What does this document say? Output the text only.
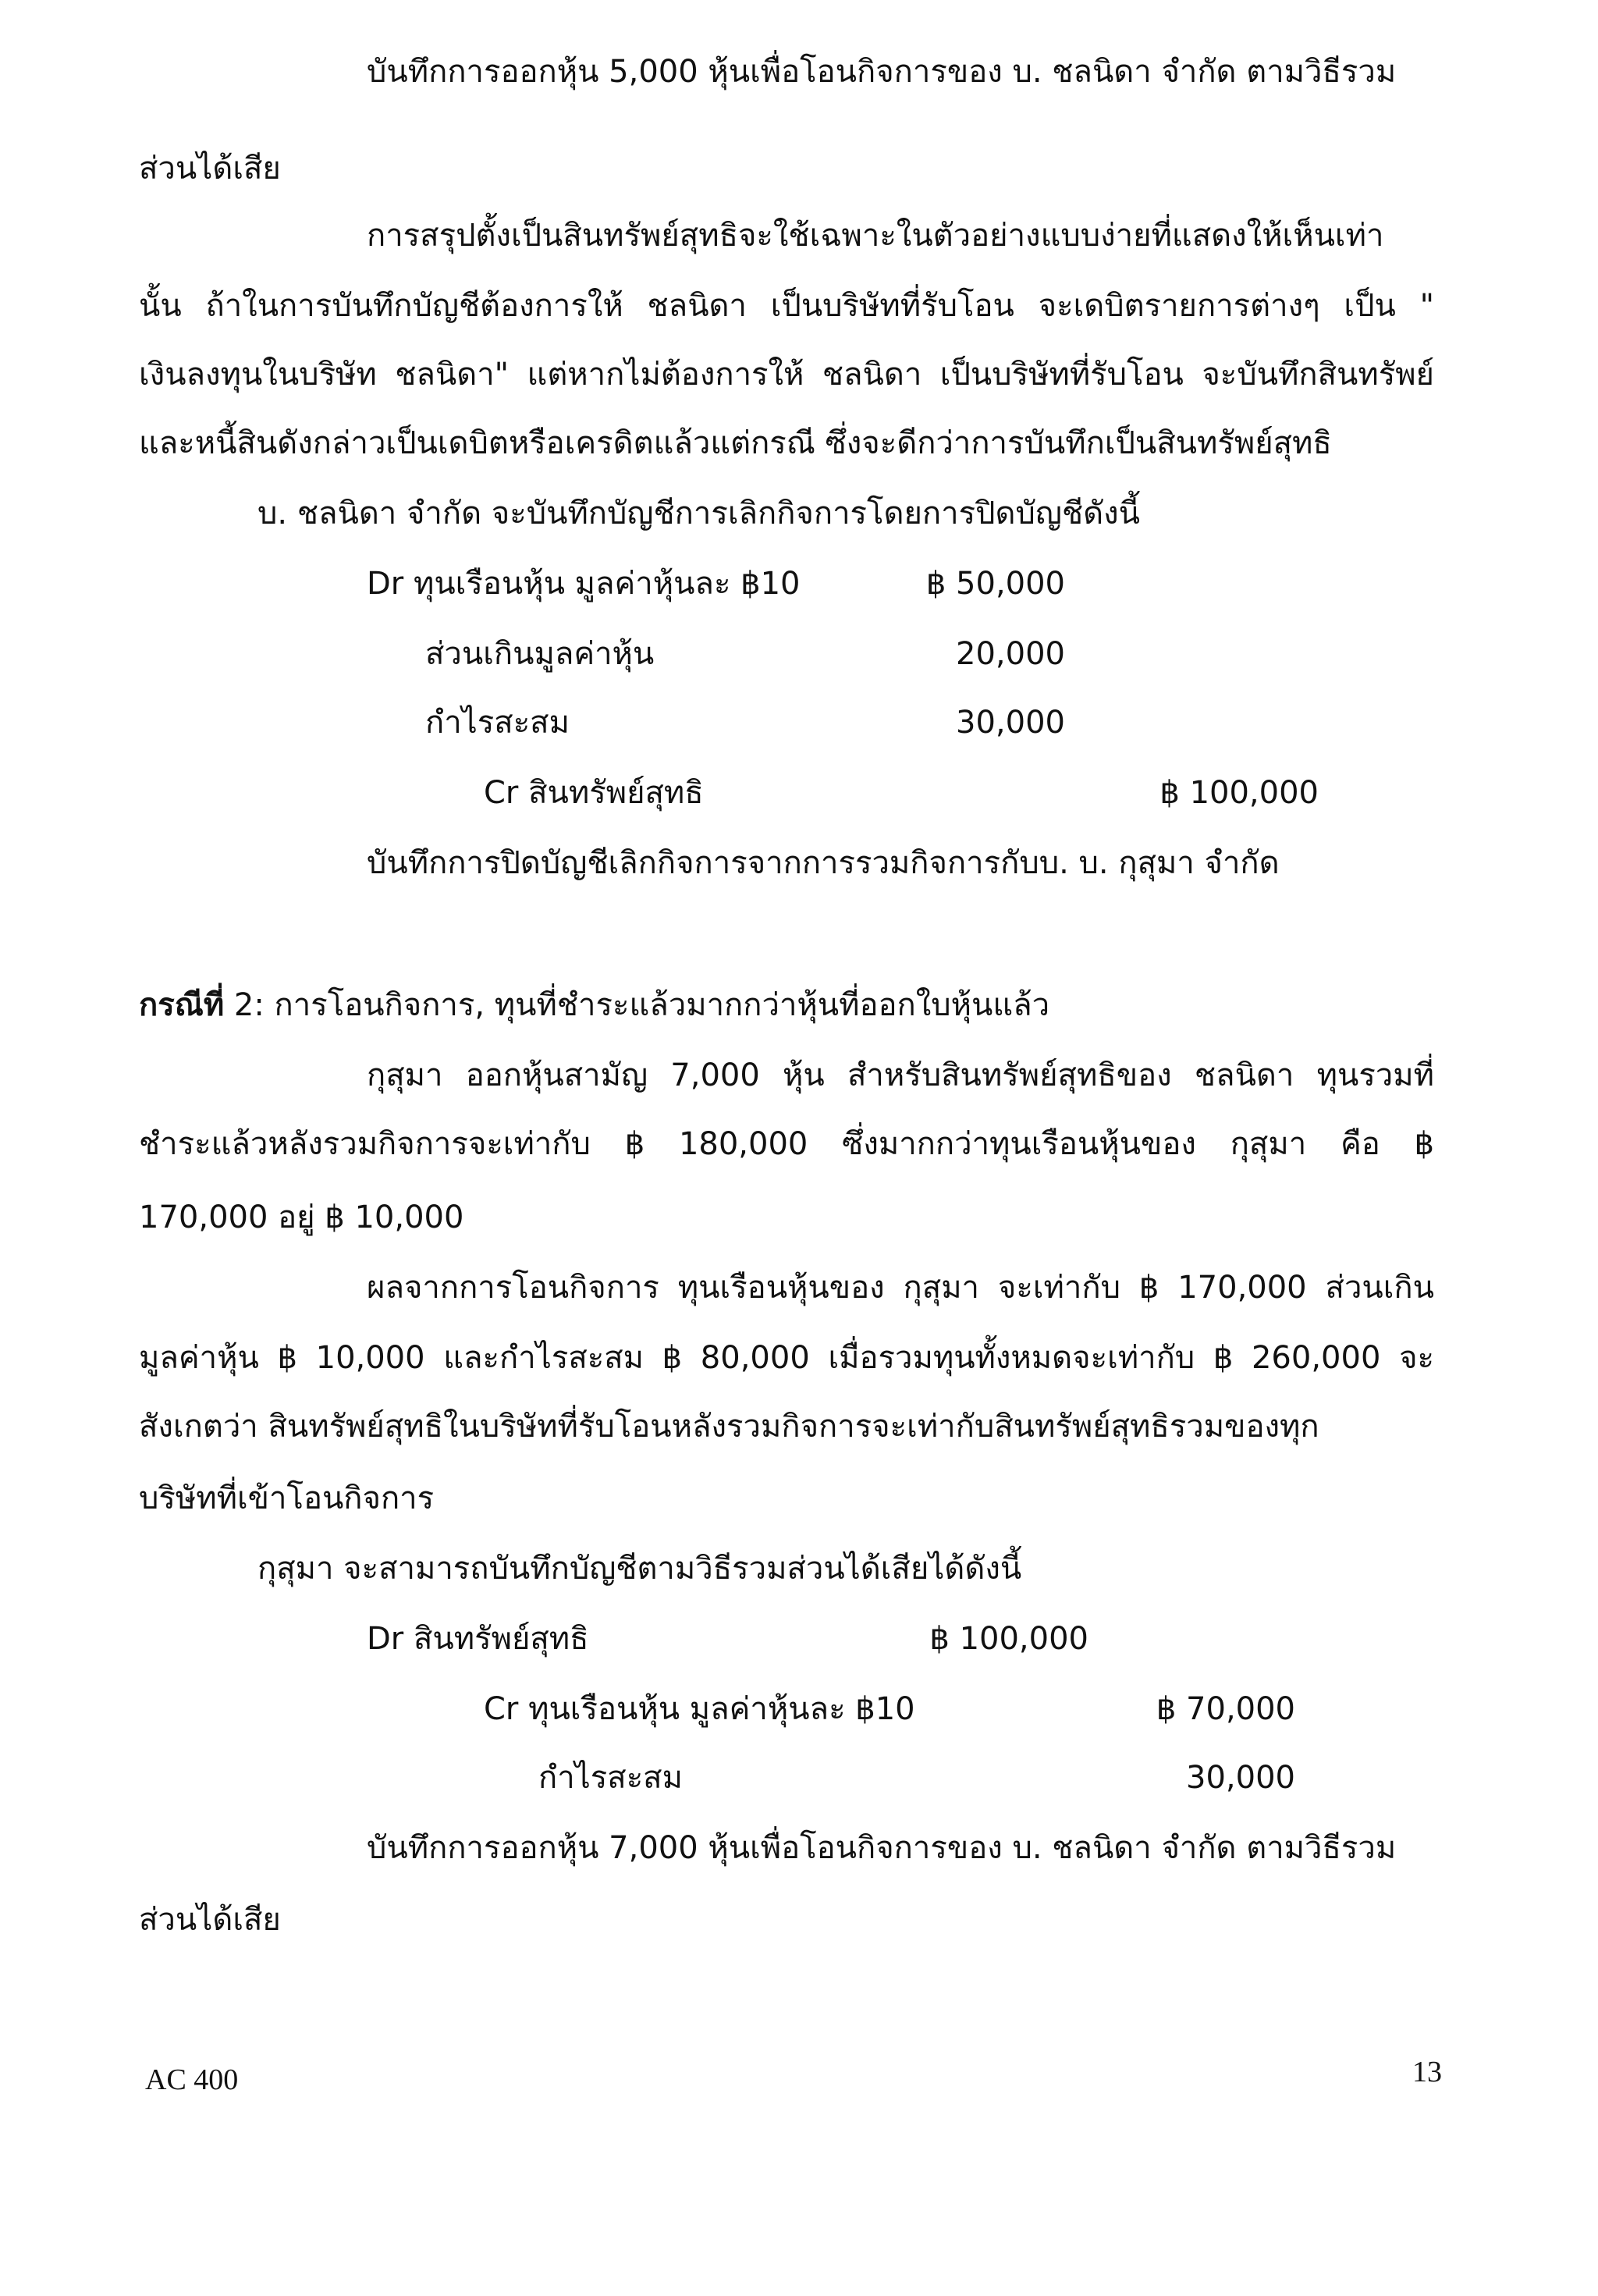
บันทึกการออกหุ้น 5,000 หุ้นเพื่อโอนกิจการของ บ. ชลนิดา จำกัด ตามวิธีรวม
ส่วนได้เสีย
การสรุปตั้งเป็นสินทรัพย์สุทธิจะใช้เฉพาะในตัวอย่างแบบง่ายที่แสดงให้เห็นเท่า
นั้น ถ้าในการบันทึกบัญชีต้องการให้ ชลนิดา เป็นบริษัทที่รับโอน จะเดบิตรายการต่างๆ เป็น "
เงินลงทุนในบริษัท ชลนิดา" แต่หากไม่ต้องการให้ ชลนิดา เป็นบริษัทที่รับโอน จะบันทึกสินทรัพย์
และหนี้สินดังกล่าวเป็นเดบิตหรือเครดิตแล้วแต่กรณี ซึ่งจะดีกว่าการบันทึกเป็นสินทรัพย์สุทธิ
บ. ชลนิดา จำกัด จะบันทึกบัญชีการเลิกกิจการโดยการปิดบัญชีดังนี้
Dr ทุนเรือนหุ้น มูลค่าหุ้นละ ฿10	฿ 50,000
ส่วนเกินมูลค่าหุ้น	20,000
กำไรสะสม	30,000
Cr สินทรัพย์สุทธิ	฿ 100,000
บันทึกการปิดบัญชีเลิกกิจการจากการรวมกิจการกับบ. บ. กุสุมา จำกัด
กรณีที่ 2: การโอนกิจการ, ทุนที่ชำระแล้วมากกว่าหุ้นที่ออกใบหุ้นแล้ว
กุสุมา ออกหุ้นสามัญ 7,000 หุ้น สำหรับสินทรัพย์สุทธิของ ชลนิดา ทุนรวมที่
ชำระแล้วหลังรวมกิจการจะเท่ากับ ฿ 180,000 ซึ่งมากกว่าทุนเรือนหุ้นของ กุสุมา คือ ฿
170,000 อยู่ ฿ 10,000
ผลจากการโอนกิจการ ทุนเรือนหุ้นของ กุสุมา จะเท่ากับ ฿ 170,000 ส่วนเกิน
มูลค่าหุ้น ฿ 10,000 และกำไรสะสม ฿ 80,000 เมื่อรวมทุนทั้งหมดจะเท่ากับ ฿ 260,000 จะ
สังเกตว่า สินทรัพย์สุทธิในบริษัทที่รับโอนหลังรวมกิจการจะเท่ากับสินทรัพย์สุทธิรวมของทุก
บริษัทที่เข้าโอนกิจการ
กุสุมา จะสามารถบันทึกบัญชีตามวิธีรวมส่วนได้เสียได้ดังนี้
Dr สินทรัพย์สุทธิ	฿ 100,000
Cr ทุนเรือนหุ้น มูลค่าหุ้นละ ฿10	฿ 70,000
กำไรสะสม	30,000
บันทึกการออกหุ้น 7,000 หุ้นเพื่อโอนกิจการของ บ. ชลนิดา จำกัด ตามวิธีรวม
ส่วนได้เสีย
AC 400	13
